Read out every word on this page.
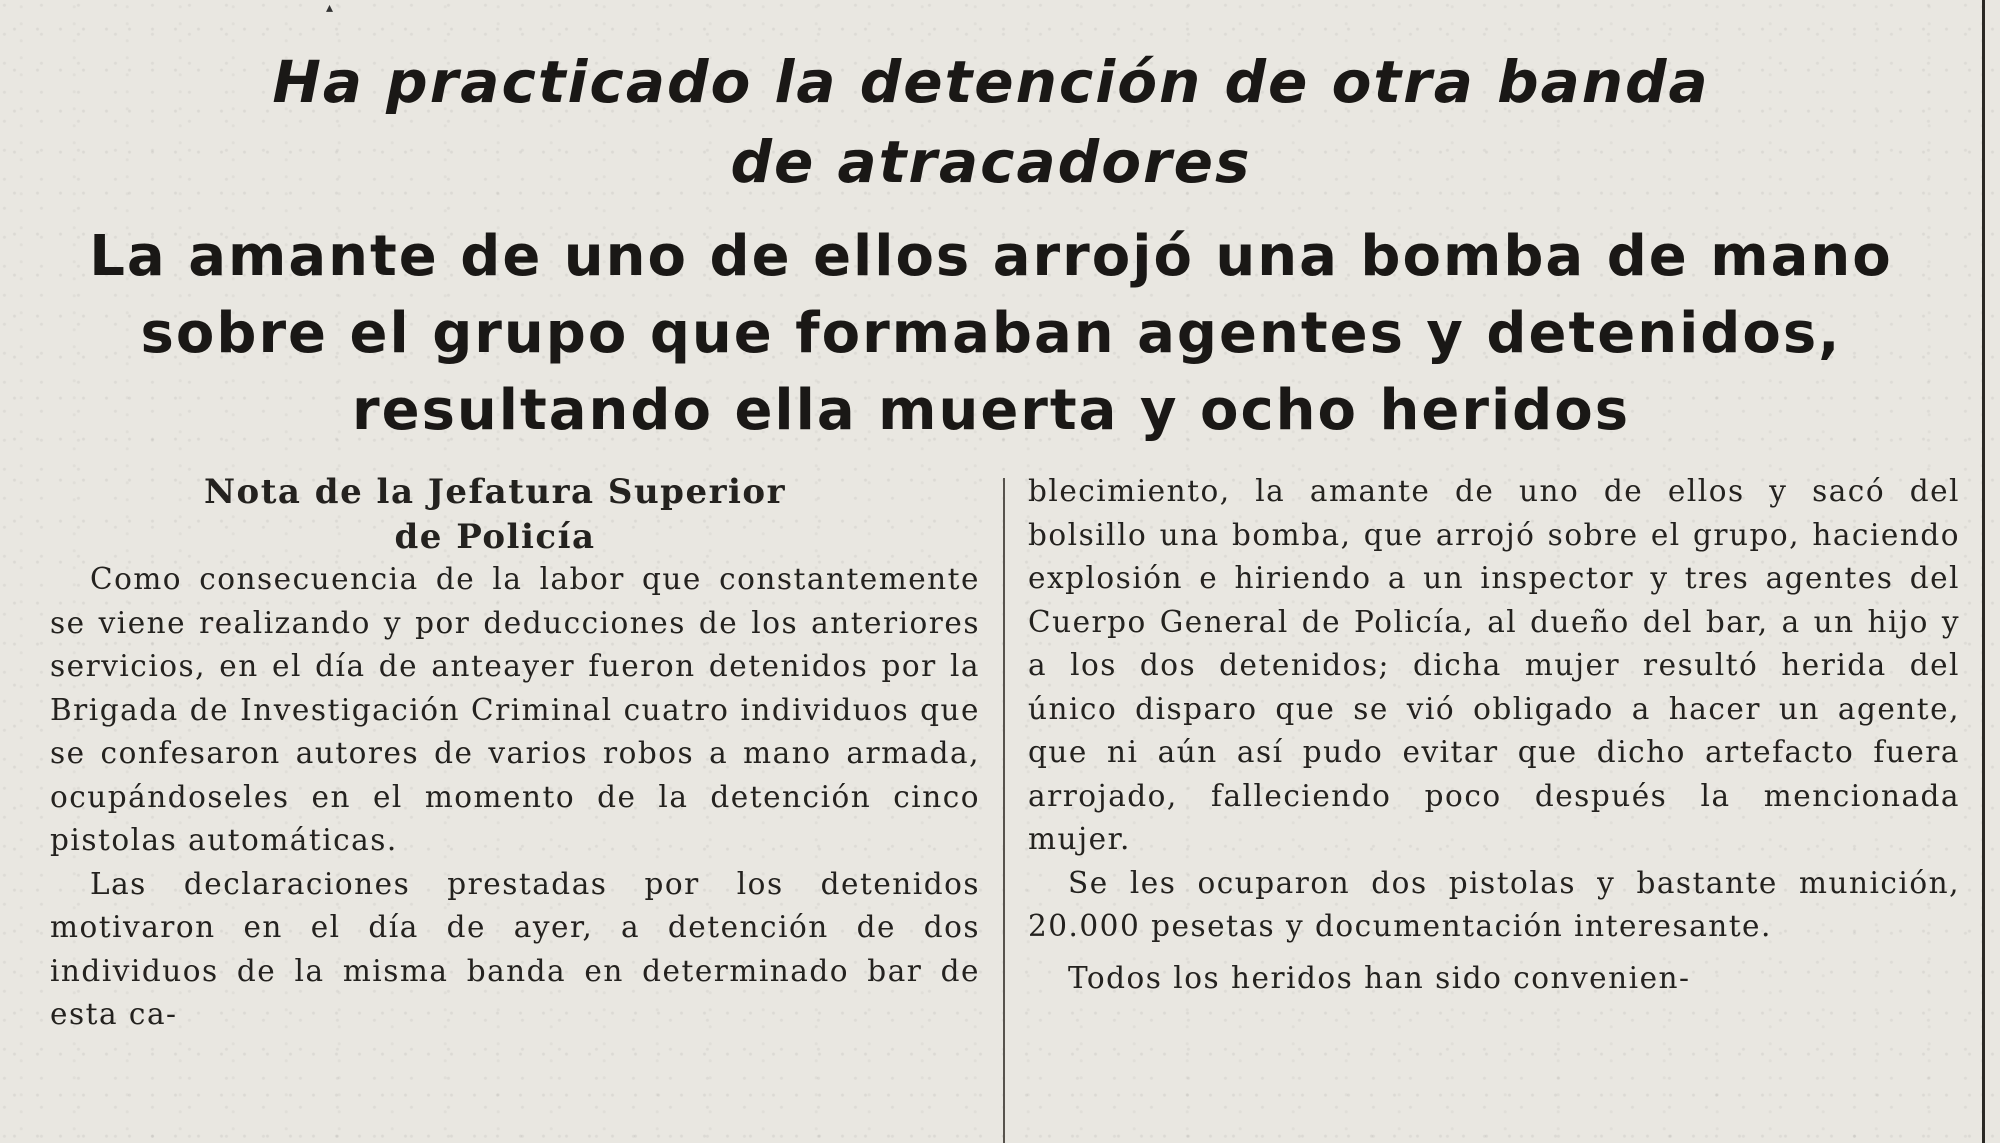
▴
Ha practicado la detención de otra banda
de atracadores
La amante de uno de ellos arrojó una bomba de mano
sobre el grupo que formaban agentes y detenidos,
resultando ella muerta y ocho heridos
Nota de la Jefatura Superior
de Policía

Como consecuencia de la labor que constantemente se viene realizando y por deducciones de los anteriores servicios, en el día de anteayer fueron detenidos por la Brigada de Investigación Criminal cuatro individuos que se confesaron autores de varios robos a mano armada, ocupándoseles en el momento de la detención cinco pistolas automáticas.

Las declaraciones prestadas por los detenidos motivaron en el día de ayer, a detención de dos individuos de la misma banda en determinado bar de esta ca-

blecimiento, la amante de uno de ellos y sacó del bolsillo una bomba, que arrojó sobre el grupo, haciendo explosión e hiriendo a un inspector y tres agentes del Cuerpo General de Policía, al dueño del bar, a un hijo y a los dos detenidos; dicha mujer resultó herida del único disparo que se vió obligado a hacer un agente, que ni aún así pudo evitar que dicho artefacto fuera arrojado, falleciendo poco después la mencionada mujer.

Se les ocuparon dos pistolas y bastante munición, 20.000 pesetas y documentación interesante.

Todos los heridos han sido convenien-
